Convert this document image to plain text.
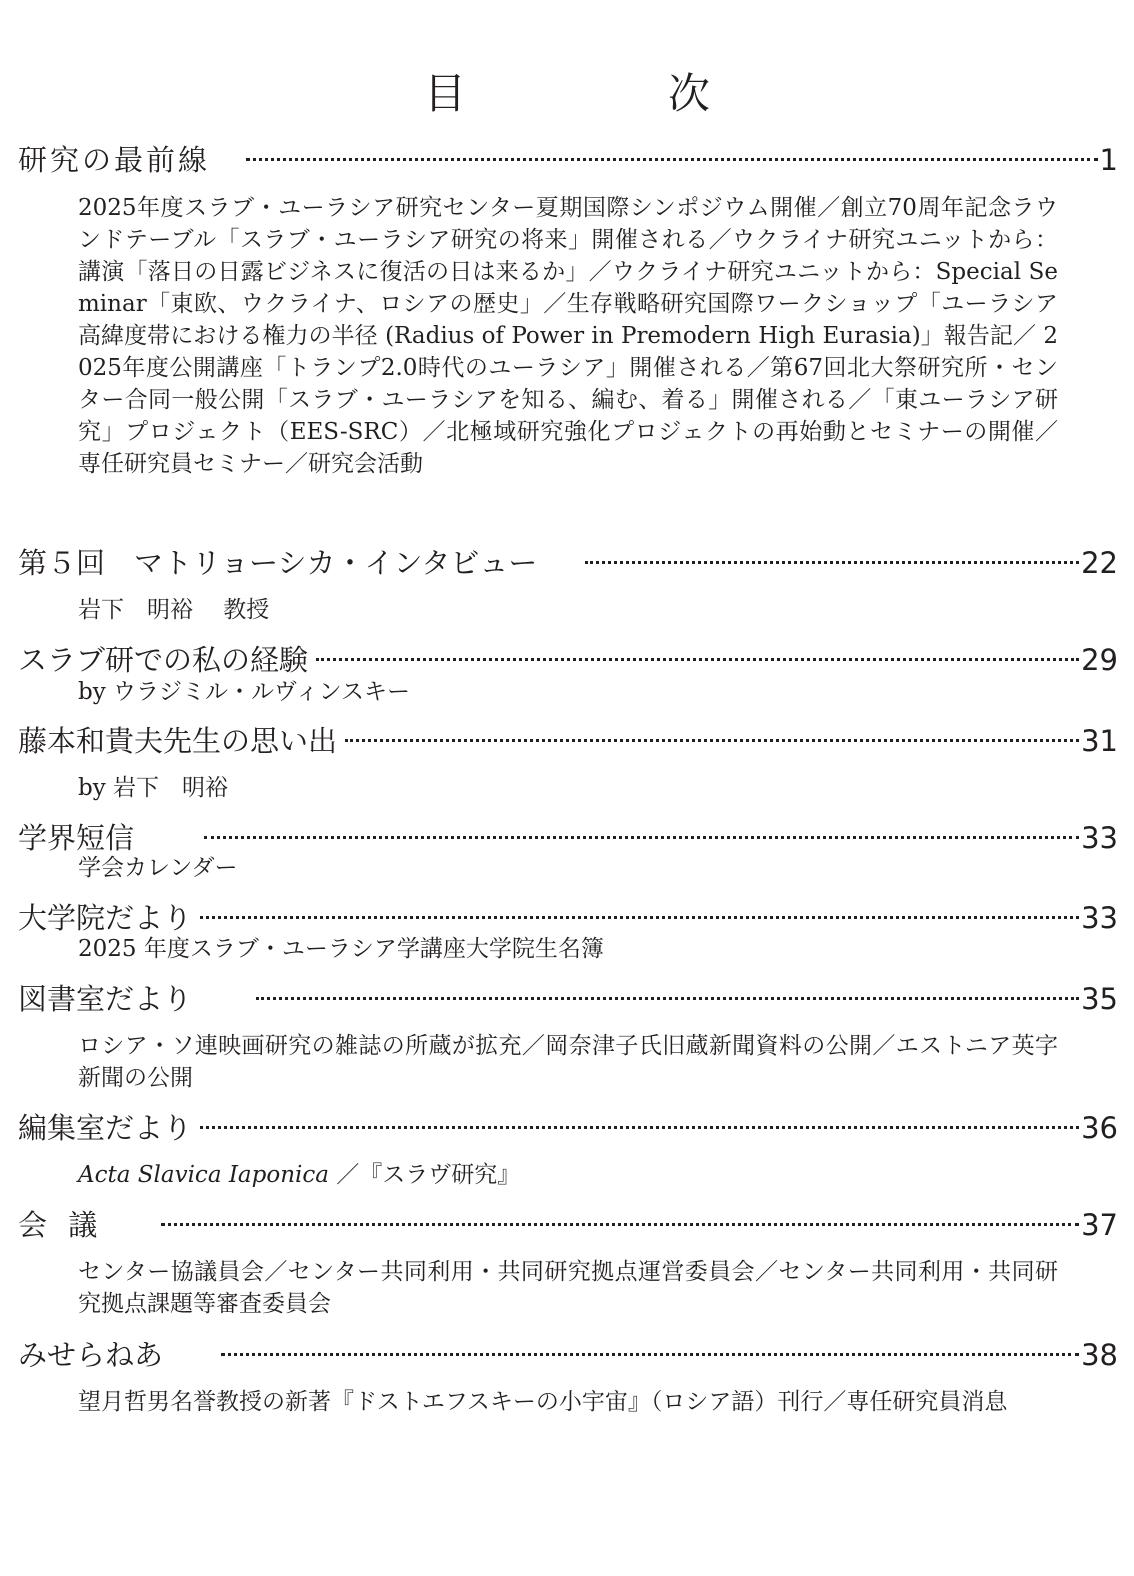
目　次
研究の最前線	1
2025年度スラブ・ユーラシア研究センター夏期国際シンポジウム開催／創立70周年記念ラウンドテーブル「スラブ・ユーラシア研究の将来」開催される／ウクライナ研究ユニットから：講演「落日の日露ビジネスに復活の日は来るか」／ウクライナ研究ユニットから：Special Seminar「東欧、ウクライナ、ロシアの歴史」／生存戦略研究国際ワークショップ「ユーラシア高緯度帯における権力の半径 (Radius of Power in Premodern High Eurasia)」報告記／ 2025年度公開講座「トランプ2.0時代のユーラシア」開催される／第67回北大祭研究所・センター合同一般公開「スラブ・ユーラシアを知る、編む、着る」開催される／「東ユーラシア研究」プロジェクト（EES-SRC）／北極域研究強化プロジェクトの再始動とセミナーの開催／専任研究員セミナー／研究会活動
第５回　マトリョーシカ・インタビュー	22
岩下　明裕　 教授
スラブ研での私の経験	29
by ウラジミル・ルヴィンスキー
藤本和貴夫先生の思い出	31
by 岩下　明裕
学界短信	33
学会カレンダー
大学院だより	33
2025 年度スラブ・ユーラシア学講座大学院生名簿
図書室だより	35
ロシア・ソ連映画研究の雑誌の所蔵が拡充／岡奈津子氏旧蔵新聞資料の公開／エストニア英字新聞の公開
編集室だより	36
Acta Slavica Iaponica ／『スラヴ研究』
会 議	37
センター協議員会／センター共同利用・共同研究拠点運営委員会／センター共同利用・共同研究拠点課題等審査委員会
みせらねあ	38
望月哲男名誉教授の新著『ドストエフスキーの小宇宙』（ロシア語）刊行／専任研究員消息
